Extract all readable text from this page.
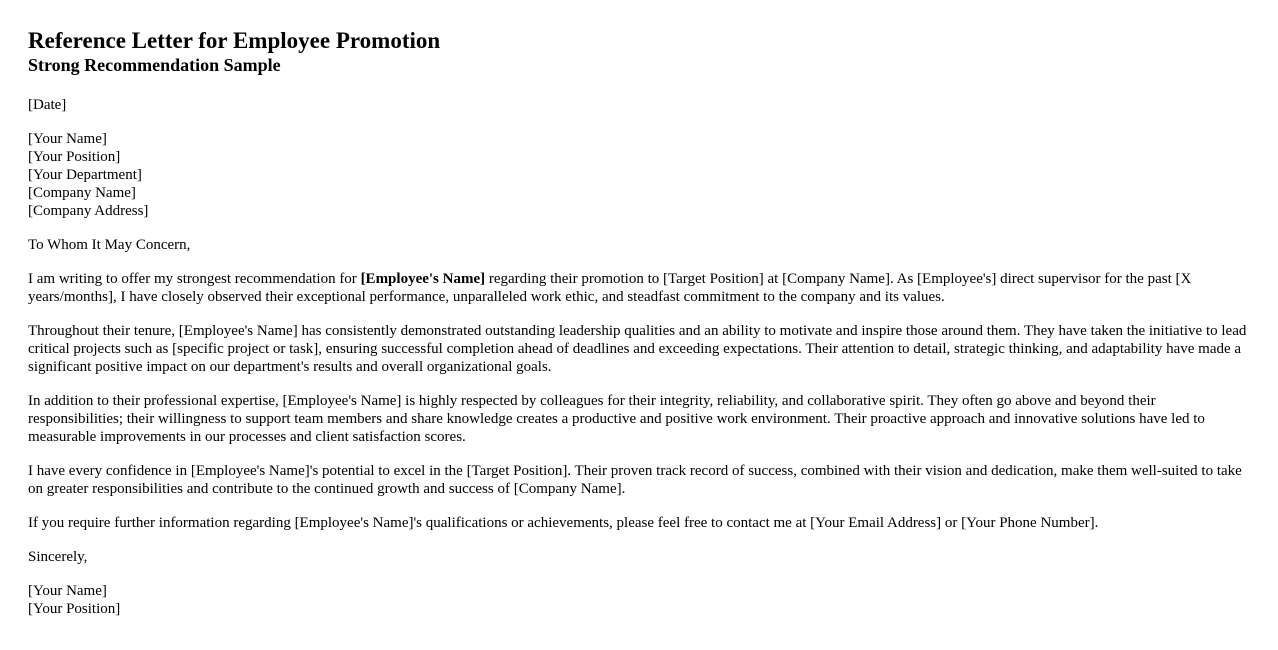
Reference Letter for Employee Promotion
Strong Recommendation Sample
[Date]
[Your Name]
[Your Position]
[Your Department]
[Company Name]
[Company Address]
To Whom It May Concern,

I am writing to offer my strongest recommendation for [Employee's Name] regarding their promotion to [Target Position] at [Company Name]. As [Employee's] direct supervisor for the past [X years/months], I have closely observed their exceptional performance, unparalleled work ethic, and steadfast commitment to the company and its values.

Throughout their tenure, [Employee's Name] has consistently demonstrated outstanding leadership qualities and an ability to motivate and inspire those around them. They have taken the initiative to lead critical projects such as [specific project or task], ensuring successful completion ahead of deadlines and exceeding expectations. Their attention to detail, strategic thinking, and adaptability have made a significant positive impact on our department's results and overall organizational goals.

In addition to their professional expertise, [Employee's Name] is highly respected by colleagues for their integrity, reliability, and collaborative spirit. They often go above and beyond their responsibilities; their willingness to support team members and share knowledge creates a productive and positive work environment. Their proactive approach and innovative solutions have led to measurable improvements in our processes and client satisfaction scores.

I have every confidence in [Employee's Name]'s potential to excel in the [Target Position]. Their proven track record of success, combined with their vision and dedication, make them well-suited to take on greater responsibilities and contribute to the continued growth and success of [Company Name].

If you require further information regarding [Employee's Name]'s qualifications or achievements, please feel free to contact me at [Your Email Address] or [Your Phone Number].

Sincerely,
[Your Name]
[Your Position]
